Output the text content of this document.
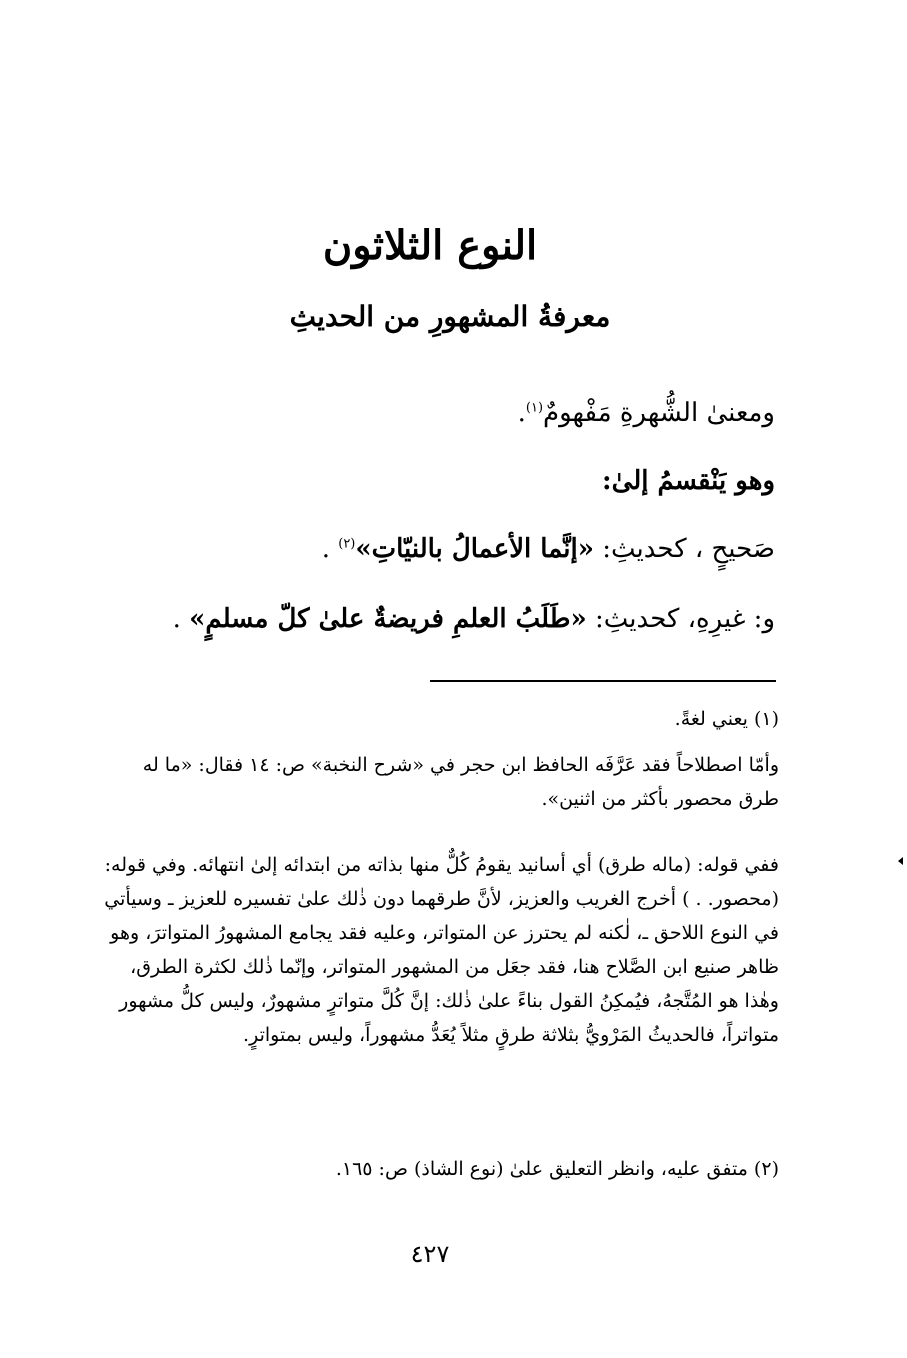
النوع الثلاثون
معرفةُ المشهورِ من الحديثِ
ومعنىٰ الشُّهرةِ مَفْهومٌ$^{(١)}$.
وهو يَنْقسمُ إلىٰ:
صَحيحٍ ، كحديثِ: «إنَّما الأعمالُ بالنيّاتِ»$^{(٢)}$ .
و: غيرِهِ، كحديثِ: «طَلَبُ العلمِ فريضةٌ علىٰ كلّ مسلمٍ» .
(١) يعني لغةً.
وأمّا اصطلاحاً فقد عَرَّفَه الحافظ ابن حجر في «شرح النخبة» ص: ١٤ فقال: «ما له طرق محصور بأكثر من اثنين».
ففي قوله: (ماله طرق) أي أسانيد يقومُ كُلٌّ منها بذاته من ابتدائه إلىٰ انتهائه. وفي قوله: (محصور. . ) أخرج الغريب والعزيز، لأنَّ طرقهما دون ذٰلك علىٰ تفسيره للعزيز ـ وسيأتي في النوع اللاحق ـ، لٰكنه لم يحترز عن المتواتر، وعليه فقد يجامع المشهورُ المتواترَ، وهو ظاهر صنيع ابن الصَّلاح هنا، فقد جعَل من المشهور المتواتر، وإنّما ذٰلك لكثرة الطرق، وهٰذا هو المُتَّجهُ، فيُمكِنُ القول بناءً علىٰ ذٰلك: إنَّ كُلَّ متواترٍ مشهورٌ، وليس كلُّ مشهور متواتراً، فالحديثُ المَرْويُّ بثلاثة طرقٍ مثلاً يُعَدُّ مشهوراً، وليس بمتواترٍ.
(٢) متفق عليه، وانظر التعليق علىٰ (نوع الشاذ) ص: ١٦٥.
٤٢٧
